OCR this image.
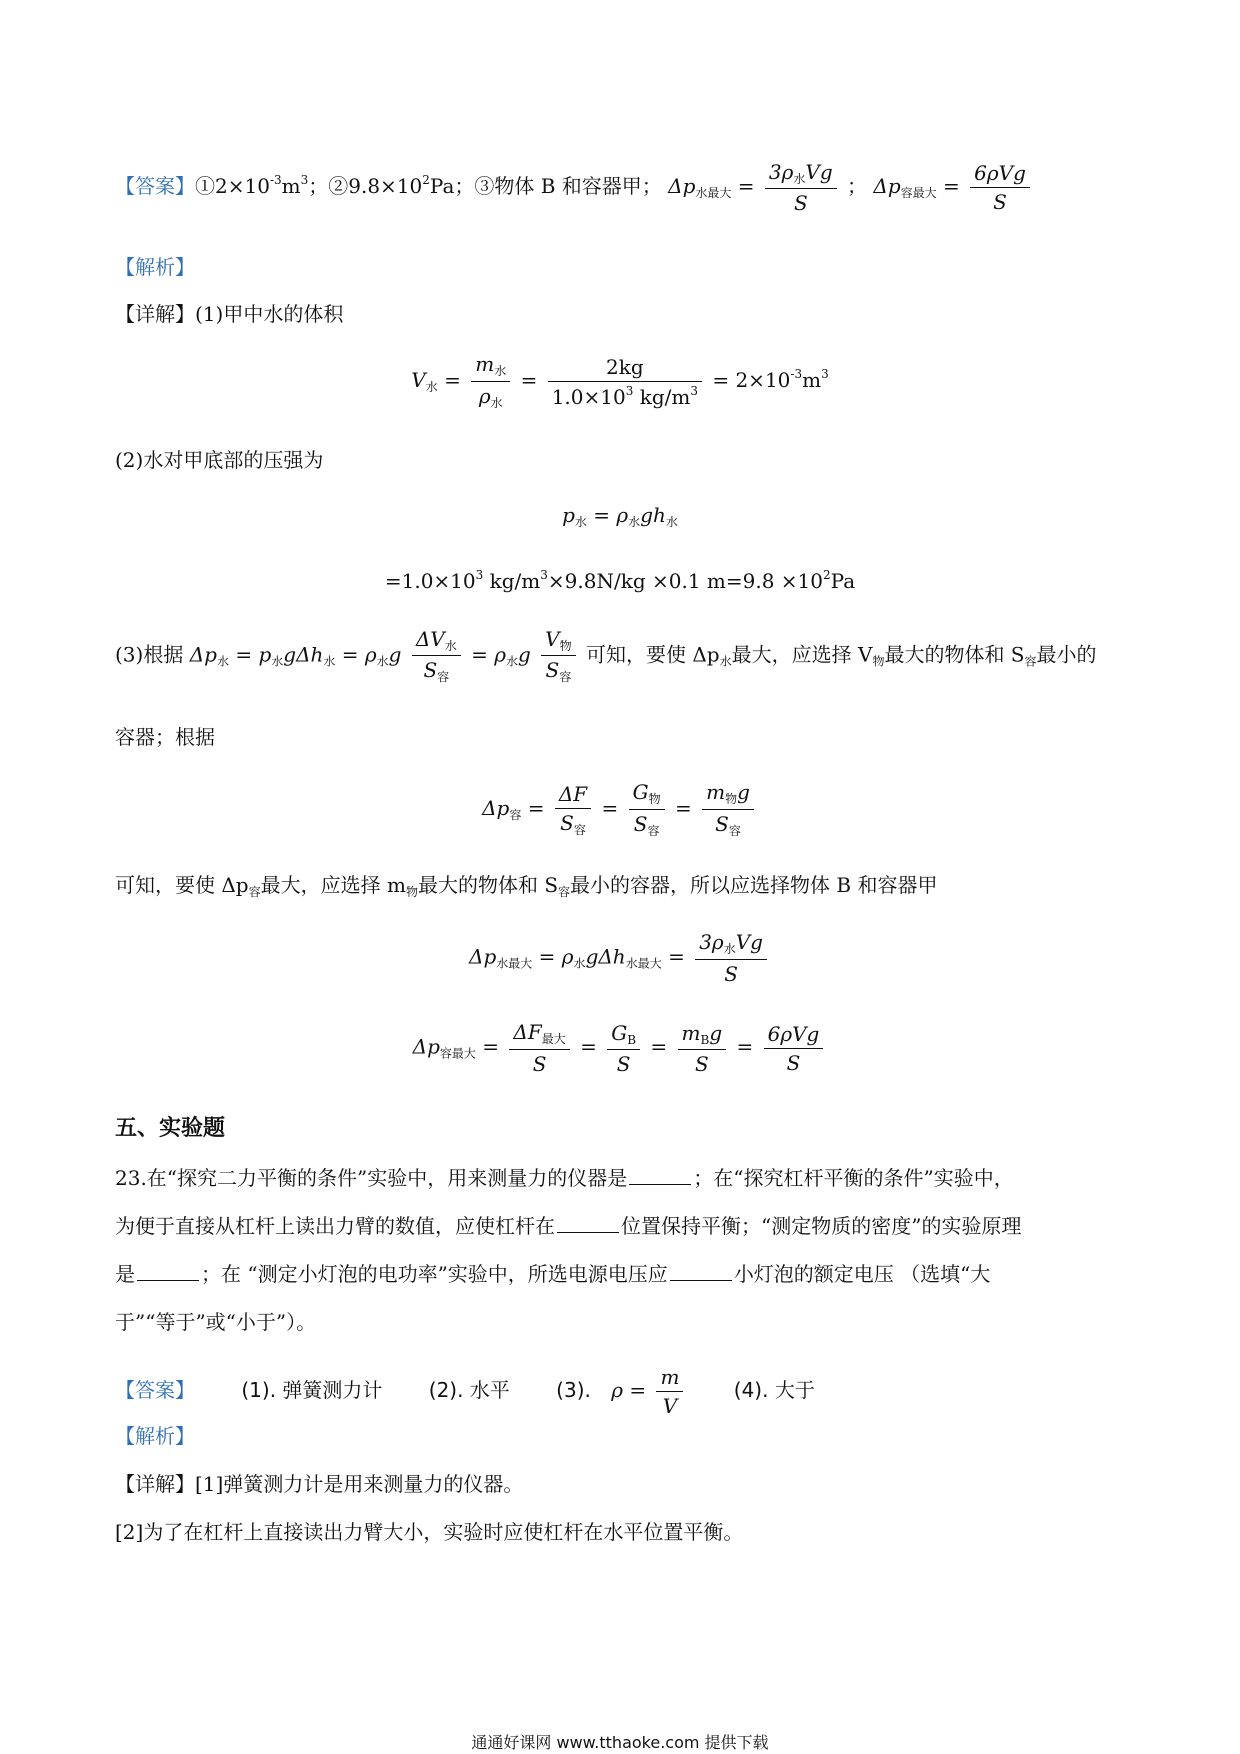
【答案】$①2\times 10^{-3}m^3$；$②9.8\times 10^2Pa$；③物体 B 和容器甲； $\Delta p_{水最大} = \frac{3\rho_水Vg}{S}$ ； $\Delta p_{容最大} = \frac{\text{6ρVg}}{S}$
【解析】
【详解】(1)甲中水的体积
$V_水 = \frac{m_水}{\rho_水} = \frac{2kg}{1.0\times 10^3 kg/m^3} = 2\times 10^{-3}m^3$
(2)水对甲底部的压强为
$p_水 = \rho_水gh_水$
$=1.0\times 10^3$ $kg/m^3\times 9.8N/kg \times 0.1$ $m=9.8 \times 10^2Pa$
(3)根据 $\Delta p_水 = p_水g\Delta h_水 = \rho_水g \frac{\Delta V_水}{S_容} = \rho_水g \frac{V_物}{S_容}$ 可知，要使 $\Delta p_水$最大，应选择 $V_物$最大的物体和 $S_容$最小的
容器；根据
$\Delta p_容 = \frac{\Delta F}{S_容} = \frac{G_物}{S_容} = \frac{m_物g}{S_容}$
可知，要使 $\Delta p_容$最大，应选择 $m_物$最大的物体和 $S_容$最小的容器，所以应选择物体 B 和容器甲
$\Delta p_{水最大} = \rho_水g\Delta h_{水最大} = \frac{3\rho_水Vg}{S}$
$\Delta p_{容最大} = \frac{\Delta F_{最大}}{S} = \frac{G_B}{S} = \frac{m_Bg}{S} = \frac{\text{6ρVg}}{S}$
五、实验题
23.在“探究二力平衡的条件”实验中，用来测量力的仪器是	；在“探究杠杆平衡的条件”实验中，
为便于直接从杠杆上读出力臂的数值，应使杠杆在	位置保持平衡；“测定物质的密度”的实验原理
是	；在 “测定小灯泡的电功率”实验中，所选电源电压应	小灯泡的额定电压 （选填“大
于”“等于”或“小于”）。
【答案】 (1). 弹簧测力计 (2). 水平 (3). $\rho = \frac{m}{V}$	(4). 大于
【解析】
【详解】[1]弹簧测力计是用来测量力的仪器。
[2]为了在杠杆上直接读出力臂大小，实验时应使杠杆在水平位置平衡。
通通好课网 www.tthaoke.com 提供下载
